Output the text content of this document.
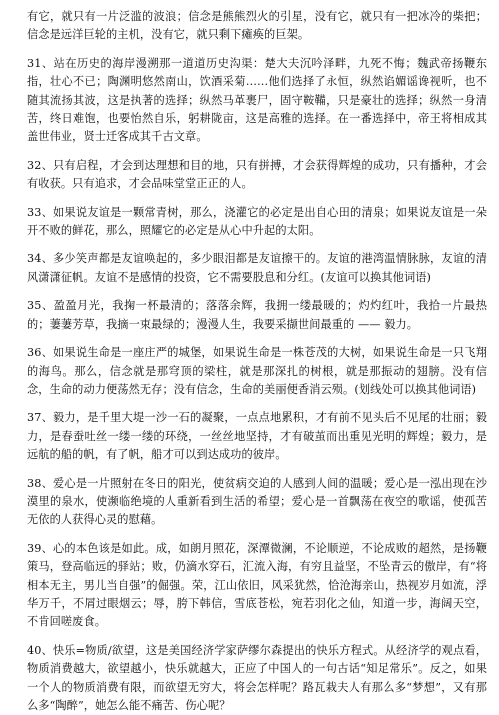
有它，就只有一片泛滥的波浪；信念是熊熊烈火的引星，没有它，就只有一把冰冷的柴把；信念是远洋巨轮的主机，没有它，就只剩下瘫痪的巨架。

31、站在历史的海岸漫溯那一道道历史沟渠：楚大夫沉吟泽畔，九死不悔；魏武帝扬鞭东指，壮心不已；陶渊明悠然南山，饮酒采菊……他们选择了永恒，纵然谄媚谣谗视听，也不随其流扬其波，这是执著的选择；纵然马革裹尸，固守鞍鞴，只是豪壮的选择；纵然一身清苦，终日难饱，也要怡然自乐，躬耕陇亩，这是高雅的选择。在一番选择中，帝王将相成其盖世伟业，贤士迁客成其千古文章。

32、只有启程，才会到达理想和目的地，只有拼搏，才会获得辉煌的成功，只有播种，才会有收获。只有追求，才会品味堂堂正正的人。

33、如果说友谊是一颗常青树，那么，浇灌它的必定是出自心田的清泉；如果说友谊是一朵开不败的鲜花，那么，照耀它的必定是从心中升起的太阳。

34、多少笑声都是友谊唤起的，多少眼泪都是友谊擦干的。友谊的港湾温情脉脉，友谊的清风潇潇征帆。友谊不是感情的投资，它不需要股息和分红。(友谊可以换其他词语)

35、盈盈月光，我掬一杯最清的；落落余辉，我拥一缕最暖的；灼灼红叶，我拾一片最热的；萋萋芳草，我摘一束最绿的；漫漫人生，我要采撷世间最重的 —— 毅力。

36、如果说生命是一座庄严的城堡，如果说生命是一株苍茂的大树，如果说生命是一只飞翔的海鸟。那么，信念就是那穹顶的梁柱，就是那深扎的树根，就是那振动的翅膀。没有信念，生命的动力便荡然无存；没有信念，生命的美丽便香消云殒。(划线处可以换其他词语)

37、毅力，是千里大堤一沙一石的凝聚，一点点地累积，才有前不见头后不见尾的壮丽；毅力，是春蚕吐丝一缕一缕的环绕，一丝丝地坚持，才有破茧而出重见光明的辉煌；毅力，是远航的船的帆，有了帆，船才可以到达成功的彼岸。

38、爱心是一片照射在冬日的阳光，使贫病交迫的人感到人间的温暖；爱心是一泓出现在沙漠里的泉水，使濒临绝境的人重新看到生活的希望；爱心是一首飘荡在夜空的歌谣，使孤苦无依的人获得心灵的慰藉。

39、心的本色该是如此。成，如朗月照花，深潭微澜，不论顺逆，不论成败的超然，是扬鞭策马，登高临远的驿站；败，仍滴水穿石，汇流入海，有穷且益坚，不坠青云的傲岸，有“将相本无主，男儿当自强”的倔强。荣，江山依旧，风采犹然，恰沧海亲山，热视岁月如流，浮华万千，不屑过眼烟云；辱，胯下韩信，雪底苍松，宛若羽化之仙，知道一步，海阔天空，不肯回嗟废食。

40、快乐=物质/欲望，这是美国经济学家萨缪尔森提出的快乐方程式。从经济学的观点看，物质消费越大，欲望越小，快乐就越大，正应了中国人的一句古话“知足常乐”。反之，如果一个人的物质消费有限，而欲望无穷大，将会怎样呢？路瓦栽夫人有那么多“梦想”，又有那么多“陶醉”，她怎么能不痛苦、伤心呢？
